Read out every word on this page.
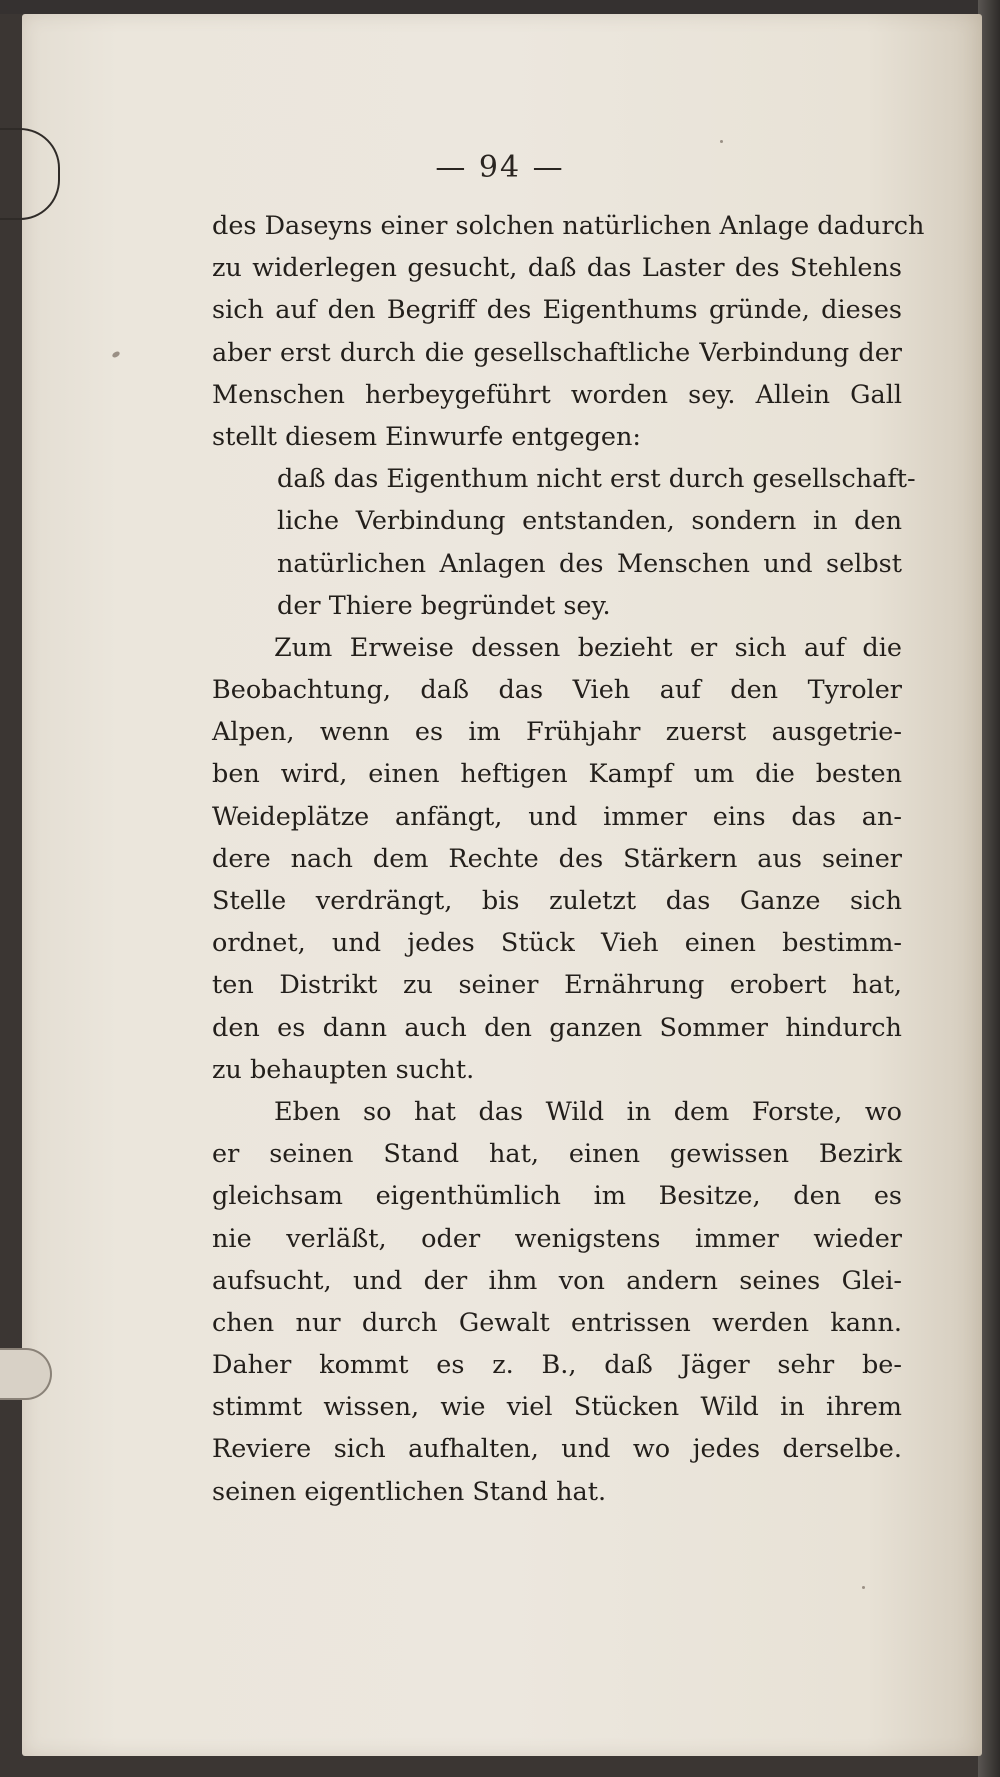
— 94 —
des Daseyns einer solchen natürlichen Anlage dadurch
zu widerlegen gesucht, daß das Laster des Stehlens
sich auf den Begriff des Eigenthums gründe, dieses
aber erst durch die gesellschaftliche Verbindung der
Menschen herbeygeführt worden sey. Allein Gall
stellt diesem Einwurfe entgegen:
daß das Eigenthum nicht erst durch gesellschaft-
liche Verbindung entstanden, sondern in den
natürlichen Anlagen des Menschen und selbst
der Thiere begründet sey.
Zum Erweise dessen bezieht er sich auf die
Beobachtung, daß das Vieh auf den Tyroler
Alpen, wenn es im Frühjahr zuerst ausgetrie-
ben wird, einen heftigen Kampf um die besten
Weideplätze anfängt, und immer eins das an-
dere nach dem Rechte des Stärkern aus seiner
Stelle verdrängt, bis zuletzt das Ganze sich
ordnet, und jedes Stück Vieh einen bestimm-
ten Distrikt zu seiner Ernährung erobert hat,
den es dann auch den ganzen Sommer hindurch
zu behaupten sucht.
Eben so hat das Wild in dem Forste, wo
er seinen Stand hat, einen gewissen Bezirk
gleichsam eigenthümlich im Besitze, den es
nie verläßt, oder wenigstens immer wieder
aufsucht, und der ihm von andern seines Glei-
chen nur durch Gewalt entrissen werden kann.
Daher kommt es z. B., daß Jäger sehr be-
stimmt wissen, wie viel Stücken Wild in ihrem
Reviere sich aufhalten, und wo jedes derselbe.
seinen eigentlichen Stand hat.
